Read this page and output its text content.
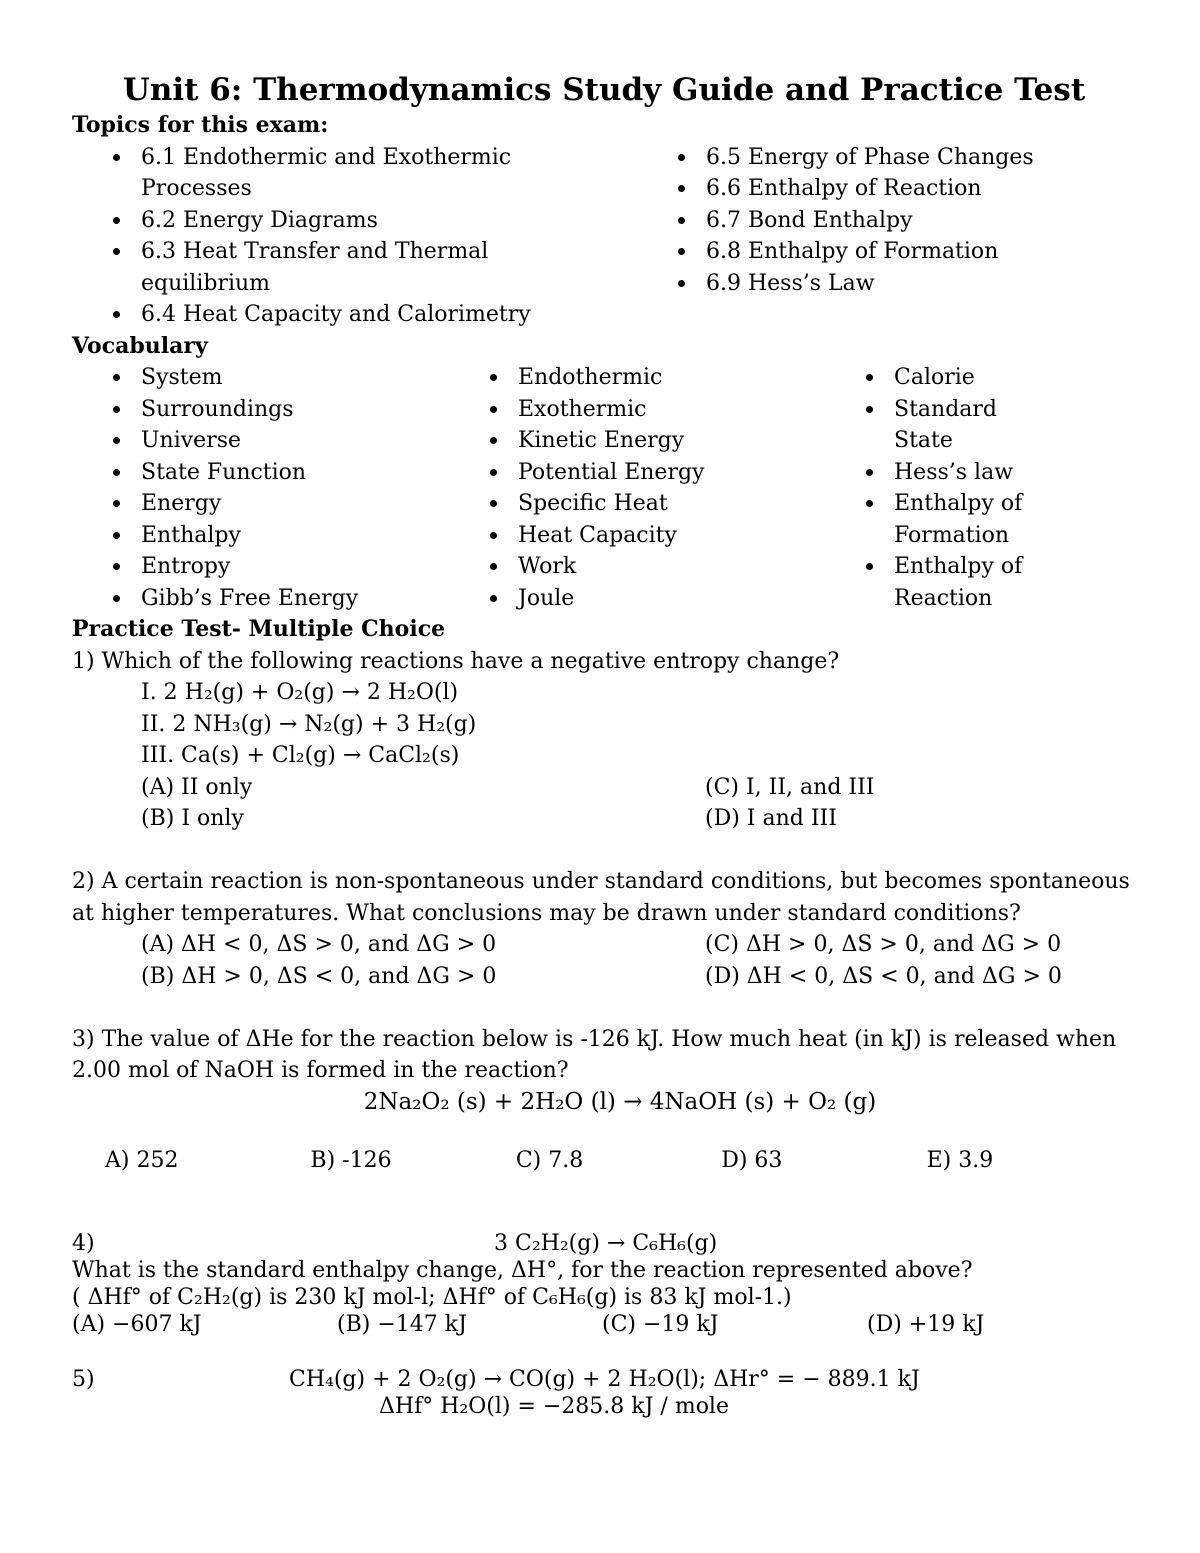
Unit 6: Thermodynamics Study Guide and Practice Test
Topics for this exam:
6.1 Endothermic and Exothermic Processes
6.2 Energy Diagrams
6.3 Heat Transfer and Thermal equilibrium
6.4 Heat Capacity and Calorimetry
6.5 Energy of Phase Changes
6.6 Enthalpy of Reaction
6.7 Bond Enthalpy
6.8 Enthalpy of Formation
6.9 Hess’s Law
Vocabulary
System
Surroundings
Universe
State Function
Energy
Enthalpy
Entropy
Gibb’s Free Energy
Endothermic
Exothermic
Kinetic Energy
Potential Energy
Specific Heat
Heat Capacity
Work
Joule
Calorie
Standard State
Hess’s law
Enthalpy of Formation
Enthalpy of Reaction
Practice Test- Multiple Choice
1) Which of the following reactions have a negative entropy change?
I. 2 H₂(g) + O₂(g) → 2 H₂O(l)
II. 2 NH₃(g) → N₂(g) + 3 H₂(g)
III. Ca(s) + Cl₂(g) → CaCl₂(s)
(A) II only	(C) I, II, and III
(B) I only	(D) I and III
2) A certain reaction is non-spontaneous under standard conditions, but becomes spontaneous at higher temperatures. What conclusions may be drawn under standard conditions?
(A) ΔH < 0, ΔS > 0, and ΔG > 0	(C) ΔH > 0, ΔS > 0, and ΔG > 0
(B) ΔH > 0, ΔS < 0, and ΔG > 0	(D) ΔH < 0, ΔS < 0, and ΔG > 0
3) The value of ΔHe for the reaction below is -126 kJ. How much heat (in kJ) is released when 2.00 mol of NaOH is formed in the reaction?
2Na₂O₂ (s) + 2H₂O (l) → 4NaOH (s) + O₂ (g)
A) 252	B) -126	C) 7.8	D) 63	E) 3.9
4)	3 C₂H₂(g) → C₆H₆(g)
What is the standard enthalpy change, ΔH°, for the reaction represented above?
( ΔHf° of C₂H₂(g) is 230 kJ mol-l; ΔHf° of C₆H₆(g) is 83 kJ mol-1.)
(A) −607 kJ	(B) −147 kJ	(C) −19 kJ	(D) +19 kJ
5)	CH₄(g) + 2 O₂(g) → CO(g) + 2 H₂O(l); ΔHr° = − 889.1 kJ
ΔHf° H₂O(l) = −285.8 kJ / mole
